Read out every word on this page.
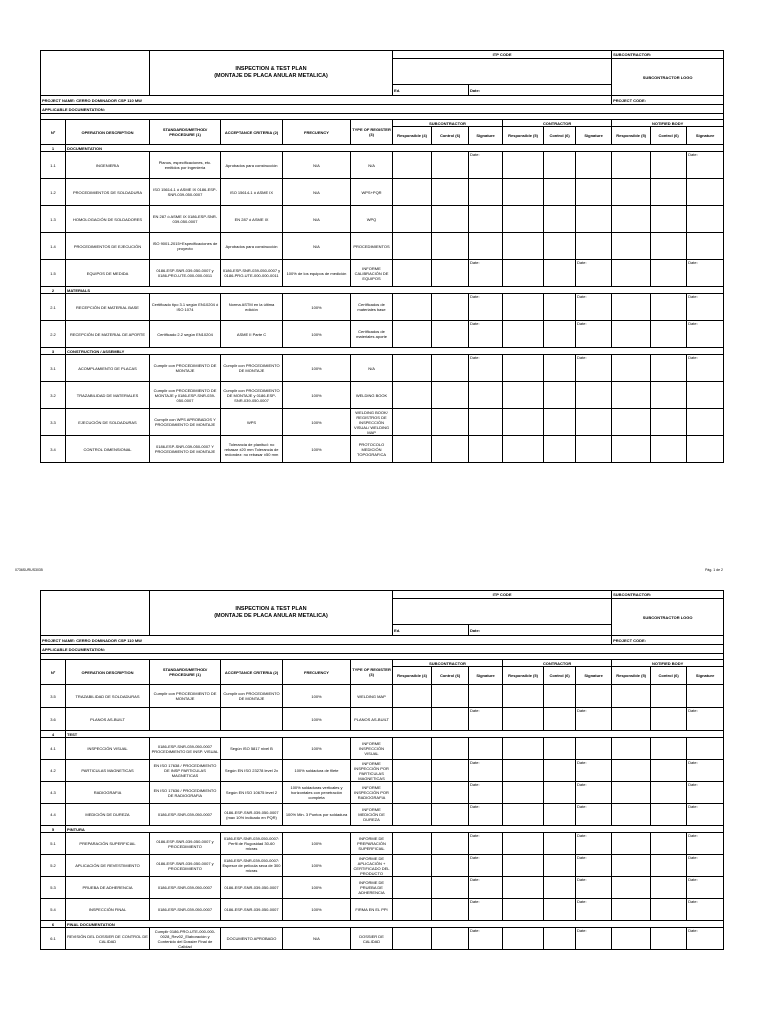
		INSPECTION & TEST PLAN
(MONTAJE DE PLACA ANULAR METALICA)				ITP CODE						SUBCONTRACTOR:		
												SUBCONTRACTOR LOGO		
						Ed.		Date:						
PROJECT NAME: CERRO DOMINADOR CSP 110 MW												PROJECT CODE:		
APPLICABLE DOCUMENTATION:														

Nº	OPERATION DESCRIPTION	STANDARDS/METHOD/ PROCEDURE (1)	ACCEPTANCE CRITERIA (2)	FRECUENCY	TYPE OF REGISTER (3)	SUBCONTRACTOR			CONTRACTOR			NOTIFIED BODY		
						Responsible (4)	Control (6)	Signature	Responsible (5)	Control (6)	Signature	Responsible (5)	Control (6)	Signature
1	DOCUMENTATION													
1.1	INGENIERIA	Planos, especificaciones, etc. emitidos por ingeniería	Aprobados para construcción	N/A	N/A			Date:						Date:
1.2	PROCEDIMIENTOS DE SOLDADURA	ISO 15614-1 ó ASME IX 0186-ESP-SNR-039-050-0007	ISO 15614-1 ó ASME IX	N/A	WPS+PQR									
1.3	HOMOLOGACIÓN DE SOLDADORES	EN 287 ó ASME IX 0186-ESP-SNR-039-050-0007	EN 287 ó ASME IX	N/A	WPQ									
1.4	PROCEDIMIENTOS DE EJECUCIÓN	ISO 9001-2015+Especificaciones de proyecto	Aprobados para construcción	N/A	PROCEDIMIENTOS									
1.5	EQUIPOS DE MEDIDA	0186-ESP-SNR-039-050-0007 y 0186-PRO-UTE-000-000-0011	0186-ESP-SNR-039-050-0007 y 0186-PRO-UTE-000-000-0011	100% de los equipos de medición	INFORME CALIBRACIÓN DE EQUIPOS			Date:			Date:			Date:
2	MATERIALS													
2.1	RECEPCIÓN DE MATERIAL BASE	Certificado tipo 3.1 según EN10204 ó ISO 1074	Norma ASTM en la última edición	100%	Certificados de materiales base			Date:			Date:			Date:
2.2	RECEPCIÓN DE MATERIAL DE APORTE	Certificado 2.2 según EN10204	ASME II Parte C	100%	Certificados de materiales aporte			Date:			Date:			Date:
3	CONSTRUCTION / ASSEMBLY													
3.1	ACOMPLAMIENTO DE PLACAS	Cumplir con PROCEDIMIENTO DE MONTAJE	Cumplir con PROCEDIMIENTO DE MONTAJE	100%	N/A			Date:			Date:			Date:
3.2	TRAZABILIDAD DE MATERIALES	Cumplir con PROCEDIMIENTO DE MONTAJE y 0186-ESP-SNR-039-050-0007	Cumplir con PROCEDIMIENTO DE MONTAJE y 0186-ESP-SNR-039-050-0007	100%	WELDING BOOK									
3.3	EJECUCIÓN DE SOLDADURAS	Cumplir con WPS APROBADOS Y PROCEDIMIENTO DE MONTAJE	WPS	100%	WELDING BOOK/ REGISTROS DE INSPECCIÓN VISUAL/ WELDING MAP									
3.4	CONTROL DIMENSIONAL	0186-ESP-SNR-039-050-0007 Y PROCEDIMIENTO DE MONTAJE	Tolerancia de planitud: no rebasar ±20 mm Tolerancia de redondez: no rebasar ±50 mm	100%	PROTOCOLO MEDICIÓN TOPOGRAFICA									
0736SURUS3035	Pág. 1 de 2
		INSPECTION & TEST PLAN
(MONTAJE DE PLACA ANULAR METALICA)				ITP CODE						SUBCONTRACTOR:		
												SUBCONTRACTOR LOGO		
						Ed.		Date:						
PROJECT NAME: CERRO DOMINADOR CSP 110 MW												PROJECT CODE:		
APPLICABLE DOCUMENTATION:														

Nº	OPERATION DESCRIPTION	STANDARDS/METHOD/ PROCEDURE (1)	ACCEPTANCE CRITERIA (2)	FRECUENCY	TYPE OF REGISTER (3)	SUBCONTRACTOR			CONTRACTOR			NOTIFIED BODY		
						Responsible (4)	Control (6)	Signature	Responsible (5)	Control (6)	Signature	Responsible (5)	Control (6)	Signature
3.5	TRAZABILIDAD DE SOLDADURAS	Cumplir con PROCEDIMIENTO DE MONTAJE	Cumplir con PROCEDIMIENTO DE MONTAJE	100%	WELDING MAP									
3.6	PLANOS AS-BUILT			100%	PLANOS AS-BUILT			Date:			Date:			Date:
4	TEST													
4.1	INSPECCIÓN VISUAL	0186-ESP-SNR-039-050-0007 PROCEDIMIENTO DE INSP. VISUAL	Según ISO 5817 nivel B	100%	INFORME INSPECCIÓN VISUAL									
4.2	PARTICULAS MAGNETICAS	EN ISO 17638 / PROCEDIMIENTO DE INSP PARTICULAS MAGNETICAS	Según EN ISO 23278 level 2x	100% soldadura de filete	INFORME INSPECCIÓN POR PARTICULAS MAGNETICAS			Date:			Date:			Date:
4.3	RADIOGRAFIA	EN ISO 17636 / PROCEDIMIENTO DE RADIOGRAFIA	Según EN ISO 10675 level 2	100% soldaduras verticales y horizontales con penetración completa	INFORME INSPECCIÓN POR RADIOGRAFIA			Date:			Date:			Date:
4.4	MEDICIÓN DE DUREZA	0186-ESP-SNR-039-050-0007	0186-ESP-SNR-039-050-0007 (max 10% indicado en PQR)	100% Min. 3 Puntos por soldadura	INFORME MEDICIÓN DE DUREZA			Date:			Date:			Date:
5	PINTURA													
5.1	PREPARACIÓN SUPERFICIAL	0186-ESP-SNR-039-050-0007 y PROCEDIMIENTO	0186-ESP-SNR-039-050-0007: Perfil de Rugosidad 30-60 micras	100%	INFORME DE PREPARACIÓN SUPERFICIAL			Date:			Date:			Date:
5.2	APLICACIÓN DE REVESTIMIENTO	0186-ESP-SNR-039-050-0007 y PROCEDIMIENTO	0186-ESP-SNR-039-050-0007: Espesor de película seca de 300 micras	100%	INFORME DE APLICACIÓN + CERTIFICADO DEL PRODUCTO			Date:			Date:			Date:
5.3	PRUEBA DE ADHERENCIA	0186-ESP-SNR-039-050-0007	0186-ESP-SNR-039-050-0007	100%	INFORME DE PRUEBA DE ADHERENCIA			Date:			Date:			Date:
5.4	INSPECCIÓN FINAL	0186-ESP-SNR-039-050-0007	0186-ESP-SNR-039-050-0007	100%	FIRMA EN EL PPI			Date:			Date:			Date:
6	FINAL DOCUMENTATION													
6.1	REVISIÓN DEL DOSSIER DE CONTROL DE CALIDAD	Cumplir 0186-PRO-UTE-000-000-0028_Rev02_Elaboración y Contenido del Dossier Final de Calidad	DOCUMENTO APROBADO	N/A	DOSSIER DE CALIDAD			Date:			Date:			Date:
